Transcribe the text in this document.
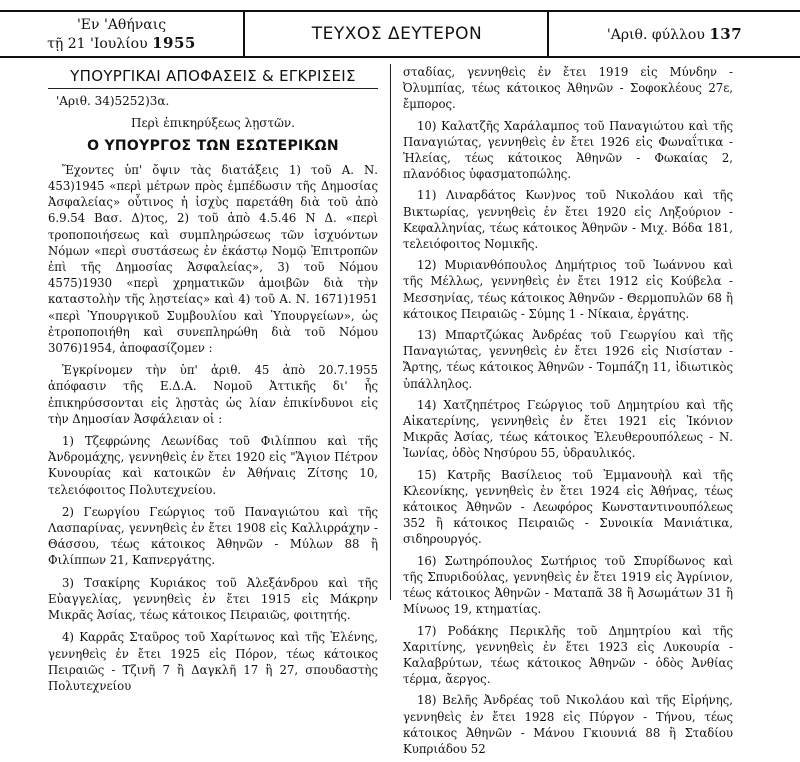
'Εν 'Αθήναις
τῇ 21 'Ιουλίου 1955	ΤΕΥΧΟΣ ΔΕΥΤΕΡΟΝ	'Αριθ. φύλλου 137
ΥΠΟΥΡΓΙΚΑΙ ΑΠΟΦΑΣΕΙΣ & ΕΓΚΡΙΣΕΙΣ
'Αριθ. 34)5252)3α.
Περὶ ἐπικηρύξεως λῃστῶν.
Ο ΥΠΟΥΡΓΟΣ ΤΩΝ ΕΣΩΤΕΡΙΚΩΝ

Ἔχοντες ὑπ' ὄψιν τὰς διατάξεις 1) τοῦ Α. Ν. 453)1945 «περὶ μέτρων πρὸς ἐμπέδωσιν τῆς Δημοσίας Ἀσφαλείας» οὗτινος ἡ ἰσχὺς παρετάθη διὰ τοῦ ἀπὸ 6.9.54 Βασ. Δ)τος, 2) τοῦ ἀπὸ 4.5.46 Ν Δ. «περὶ τροποποιήσεως καὶ συμπληρώσεως τῶν ἰσχυόντων Νόμων «περὶ συστάσεως ἐν ἑκάστῳ Νομῷ Ἐπιτροπῶν ἐπὶ τῆς Δημοσίας Ἀσφαλείας», 3) τοῦ Νόμου 4575)1930 «περὶ χρηματικῶν ἀμοιβῶν διὰ τὴν καταστολὴν τῆς λῃστείας» καὶ 4) τοῦ Α. Ν. 1671)1951 «περὶ Ὑπουργικοῦ Συμβουλίου καὶ Ὑπουργείων», ὡς ἐτροποποιήθη καὶ συνεπληρώθη διὰ τοῦ Νόμου 3076)1954, ἀποφασίζομεν :

Ἐγκρίνομεν τὴν ὑπ' ἀριθ. 45 ἀπὸ 20.7.1955 ἀπόφασιν τῆς Ε.Δ.Α. Νομοῦ Ἀττικῆς δι' ἧς ἐπικηρύσσονται εἰς λῃστὰς ὡς λίαν ἐπικίνδυνοι εἰς τὴν Δημοσίαν Ἀσφάλειαν οἱ :

1) Τζεφρώνης Λεωνίδας τοῦ Φιλίππου καὶ τῆς Ἀνδρομάχης, γεννηθεὶς ἐν ἔτει 1920 εἰς "Ἅγιον Πέτρον Κυνουρίας καὶ κατοικῶν ἐν Ἀθήναις Ζίτσης 10, τελειόφοιτος Πολυτεχνείου.

2) Γεωργίου Γεώργιος τοῦ Παναγιώτου καὶ τῆς Λασπαρίνας, γεννηθεὶς ἐν ἔτει 1908 εἰς Καλλιρράχην - Θάσσου, τέως κάτοικος Ἀθηνῶν - Μύλων 88 ἢ Φιλίππων 21, Καπνεργάτης.

3) Τσακίρης Κυριάκος τοῦ Ἀλεξάνδρου καὶ τῆς Εὐαγγελίας, γεννηθεὶς ἐν ἔτει 1915 εἰς Μάκρην Μικρᾶς Ἀσίας, τέως κάτοικος Πειραιῶς, φοιτητής.

4) Καρρᾶς Σταῦρος τοῦ Χαρίτωνος καὶ τῆς Ἑλένης, γεννηθεὶς ἐν ἔτει 1925 εἰς Πόρον, τέως κάτοικος Πειραιῶς - Τζινῆ 7 ἢ Δαγκλῆ 17 ἢ 27, σπουδαστὴς Πολυτεχνείου

σταδίας, γεννηθεὶς ἐν ἔτει 1919 εἰς Μύνδην - Ὀλυμπίας, τέως κάτοικος Ἀθηνῶν - Σοφοκλέους 27ε, ἔμπορος.

10) Καλατζῆς Χαράλαμπος τοῦ Παναγιώτου καὶ τῆς Παναγιώτας, γεννηθεὶς ἐν ἔτει 1926 εἰς Φωναΐτικα - Ἠλείας, τέως κάτοικος Ἀθηνῶν - Φωκαίας 2, πλανόδιος ὑφασματοπώλης.

11) Λιναρδάτος Κων)νος τοῦ Νικολάου καὶ τῆς Βικτωρίας, γεννηθεὶς ἐν ἔτει 1920 εἰς Ληξούριον - Κεφαλληνίας, τέως κάτοικος Ἀθηνῶν - Μιχ. Βόδα 181, τελειόφοιτος Νομικῆς.

12) Μυριανθόπουλος Δημήτριος τοῦ Ἰωάννου καὶ τῆς Μέλλως, γεννηθεὶς ἐν ἔτει 1912 εἰς Κούβελα - Μεσσηνίας, τέως κάτοικος Ἀθηνῶν - Θερμοπυλῶν 68 ἢ κάτοικος Πειραιῶς - Σύμης 1 - Νίκαια, ἐργάτης.

13) Μπαρτζώκας Ἀνδρέας τοῦ Γεωργίου καὶ τῆς Παναγιώτας, γεννηθεὶς ἐν ἔτει 1926 εἰς Νισίσταν - Ἄρτης, τέως κάτοικος Ἀθηνῶν - Τομπάζη 11, ἰδιωτικὸς ὑπάλληλος.

14) Χατζηπέτρος Γεώργιος τοῦ Δημητρίου καὶ τῆς Αἰκατερίνης, γεννηθεὶς ἐν ἔτει 1921 εἰς Ἰκόνιον Μικρᾶς Ἀσίας, τέως κάτοικος Ἐλευθερουπόλεως - Ν. Ἰωνίας, ὁδὸς Νησύρου 55, ὑδραυλικός.

15) Κατρῆς Βασίλειος τοῦ Ἐμμανουὴλ καὶ τῆς Κλεονίκης, γεννηθεὶς ἐν ἔτει 1924 εἰς Ἀθήνας, τέως κάτοικος Ἀθηνῶν - Λεωφόρος Κωνσταντινουπόλεως 352 ἢ κάτοικος Πειραιῶς - Συνοικία Μανιάτικα, σιδηρουργός.

16) Σωτηρόπουλος Σωτήριος τοῦ Σπυρίδωνος καὶ τῆς Σπυριδούλας, γεννηθεὶς ἐν ἔτει 1919 εἰς Ἀγρίνιον, τέως κάτοικος Ἀθηνῶν - Ματαπᾶ 38 ἢ Ἀσωμάτων 31 ἢ Μίνωος 19, κτηματίας.

17) Ροδάκης Περικλῆς τοῦ Δημητρίου καὶ τῆς Χαριτίνης, γεννηθεὶς ἐν ἔτει 1923 εἰς Λυκουρία - Καλαβρύτων, τέως κάτοικος Ἀθηνῶν - ὁδὸς Ἀνθίας τέρμα, ἄεργος.

18) Βελῆς Ἀνδρέας τοῦ Νικολάου καὶ τῆς Εἰρήνης, γεννηθεὶς ἐν ἔτει 1928 εἰς Πύργον - Τήνου, τέως κάτοικος Ἀθηνῶν - Μάνου Γκιουνιά 88 ἢ Σταδίου Κυπριάδου 52
